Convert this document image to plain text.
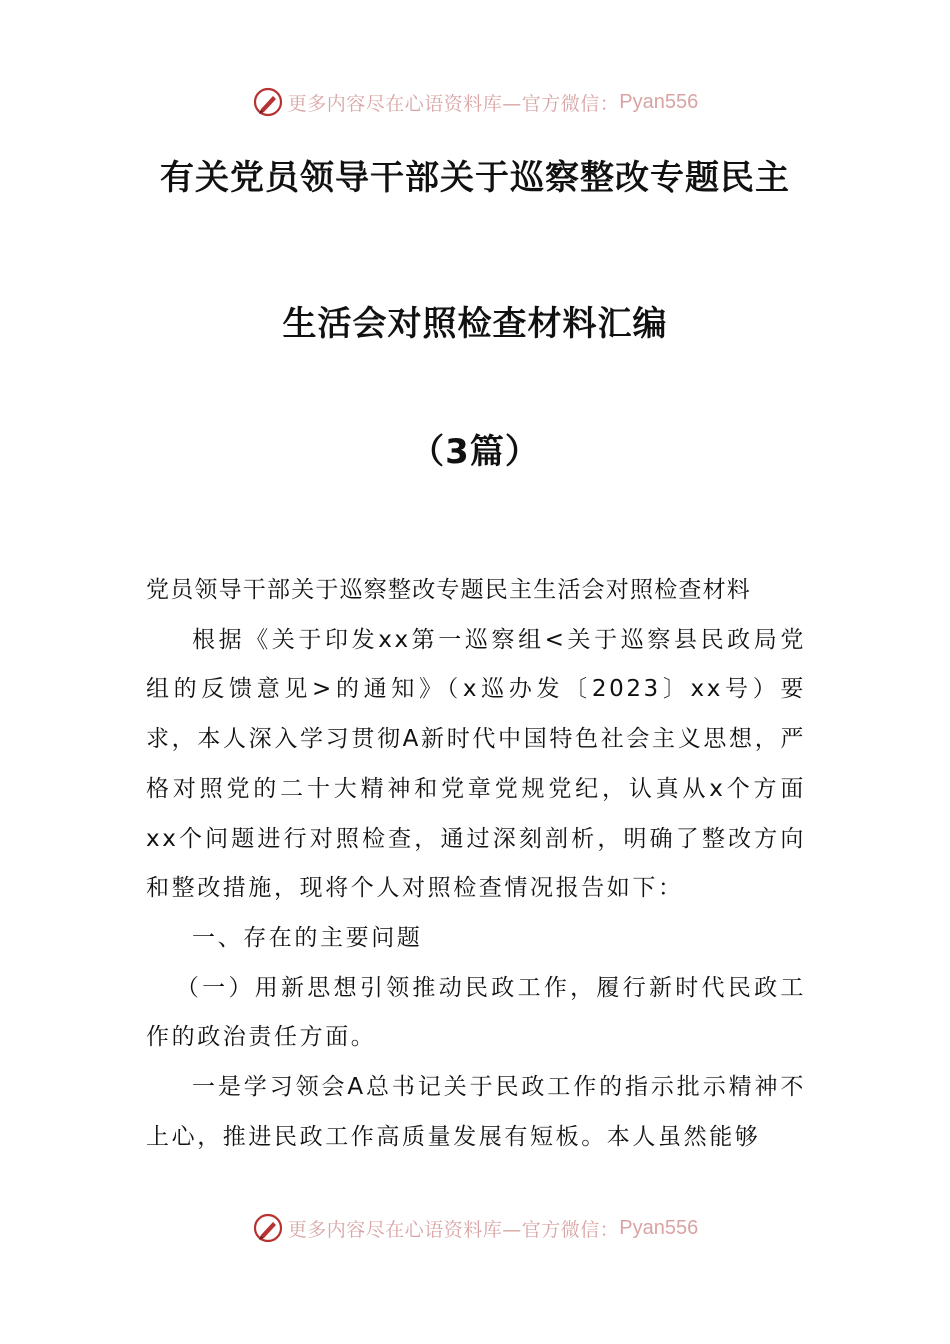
更多内容尽在心语资料库—官方微信： Pyan556
有关党员领导干部关于巡察整改专题民主
生活会对照检查材料汇编
（3篇）

党员领导干部关于巡察整改专题民主生活会对照检查材料

根据《关于印发xx第一巡察组<关于巡察县民政局党组的反馈意见>的通知》（x巡办发〔2023〕xx号）要求，本人深入学习贯彻A新时代中国特色社会主义思想，严格对照党的二十大精神和党章党规党纪，认真从x个方面xx个问题进行对照检查，通过深刻剖析，明确了整改方向和整改措施，现将个人对照检查情况报告如下：

一、存在的主要问题

（一）用新思想引领推动民政工作，履行新时代民政工作的政治责任方面。

一是学习领会A总书记关于民政工作的指示批示精神不上心，推进民政工作高质量发展有短板。本人虽然能够

更多内容尽在心语资料库—官方微信： Pyan556
